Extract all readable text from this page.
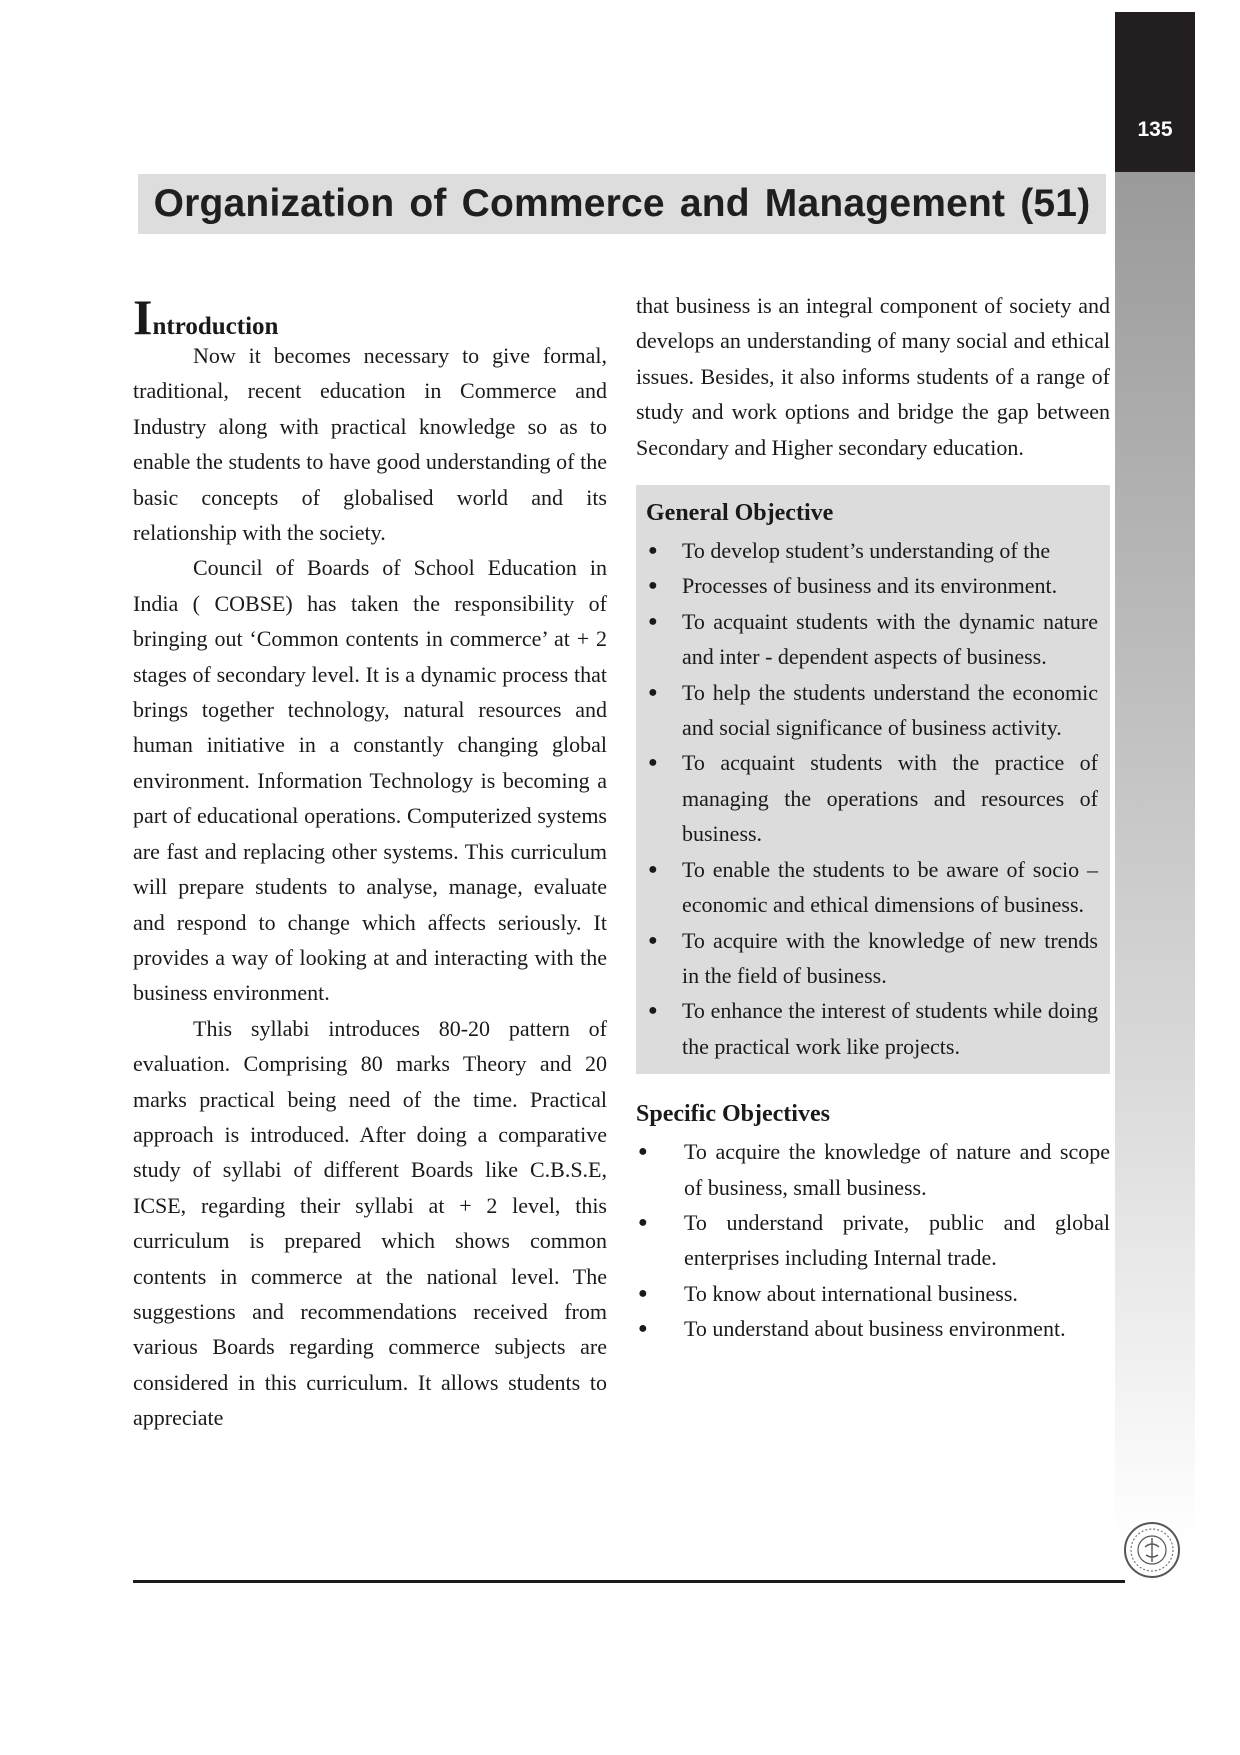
135
Organization of Commerce and Management (51)
Introduction

Now it becomes necessary to give formal, traditional, recent education in Commerce and Industry along with practical knowledge so as to enable the students to have good understanding of the basic concepts of globalised world and its relationship with the society.

Council of Boards of School Education in India ( COBSE) has taken the responsibility of bringing out ‘Common contents in commerce’ at + 2 stages of secondary level. It is a dynamic process that brings together technology, natural resources and human initiative in a constantly changing global environment. Information Technology is becoming a part of educational operations. Computerized systems are fast and replacing other systems. This curriculum will prepare students to analyse, manage, evaluate and respond to change which affects seriously. It provides a way of looking at and interacting with the business environment.

This syllabi introduces 80-20 pattern of evaluation. Comprising 80 marks Theory and 20 marks practical being need of the time. Practical approach is introduced. After doing a comparative study of syllabi of different Boards like C.B.S.E, ICSE, regarding their syllabi at + 2 level, this curriculum is prepared which shows common contents in commerce at the national level. The suggestions and recommendations received from various Boards regarding commerce subjects are considered in this curriculum. It allows students to appreciate

that business is an integral component of society and develops an understanding of many social and ethical issues. Besides, it also informs students of a range of study and work options and bridge the gap between Secondary and Higher secondary education.

General Objective
● To develop student’s understanding of the
● Processes of business and its environment.
● To acquaint students with the dynamic nature and inter - dependent aspects of business.
● To help the students understand the economic and social significance of business activity.
● To acquaint students with the practice of managing the operations and resources of business.
● To enable the students to be aware of socio – economic and ethical dimensions of business.
● To acquire with the knowledge of new trends in the field of business.
● To enhance the interest of students while doing the practical work like projects.
Specific Objectives
● To acquire the knowledge of nature and scope of business, small business.
● To understand private, public and global enterprises including Internal trade.
● To know about international business.
● To understand about business environment.
